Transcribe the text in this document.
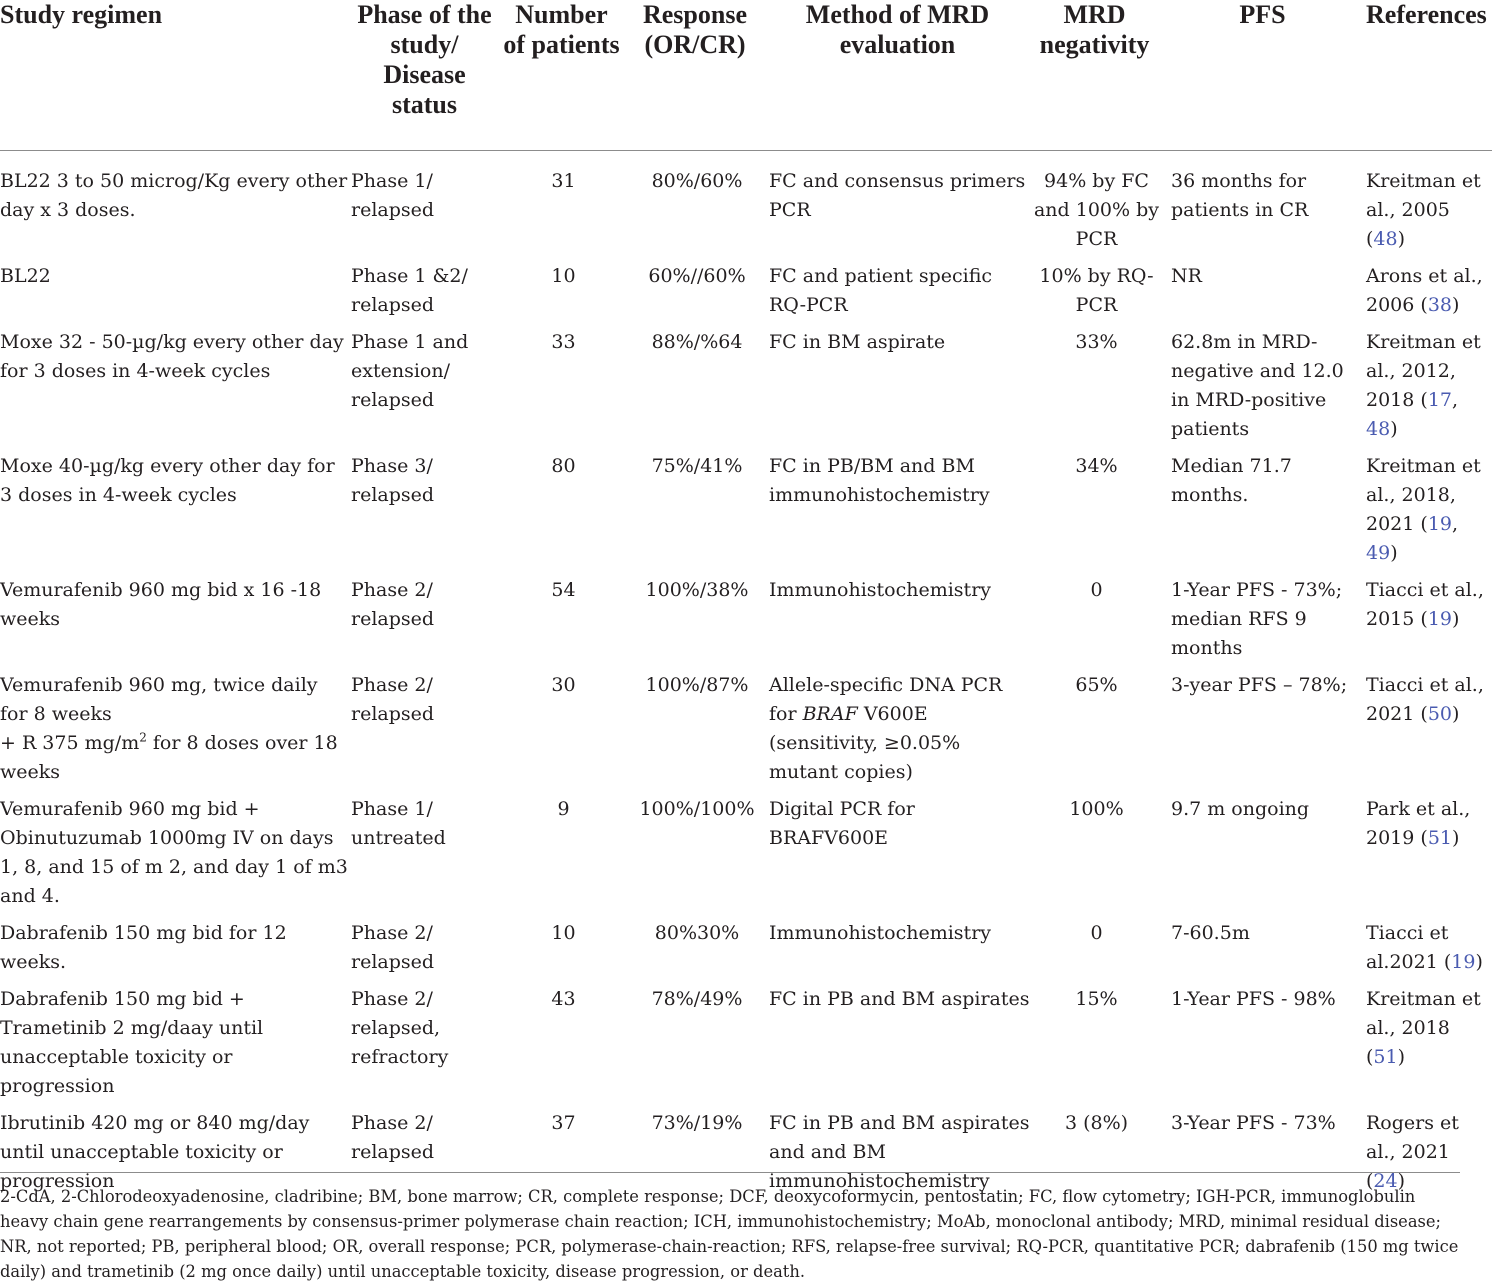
Study regimen	Phase of the study/ Disease status	Number of patients	Response (OR/CR)	Method of MRD evaluation	MRD negativity	PFS	References
BL22 3 to 50 microg/Kg every other day x 3 doses.	Phase 1/ relapsed	31	80%/60%	FC and consensus primers PCR	94% by FC and 100% by PCR	36 months for patients in CR	Kreitman et al., 2005 (48)
BL22	Phase 1 &2/ relapsed	10	60%//60%	FC and patient specific RQ-PCR	10% by RQ-PCR	NR	Arons et al., 2006 (38)
Moxe 32 - 50-µg/kg every other day for 3 doses in 4-week cycles	Phase 1 and extension/ relapsed	33	88%/%64	FC in BM aspirate	33%	62.8m in MRD-negative and 12.0 in MRD-positive patients	Kreitman et al., 2012, 2018 (17, 48)
Moxe 40-µg/kg every other day for 3 doses in 4-week cycles	Phase 3/ relapsed	80	75%/41%	FC in PB/BM and BM immunohistochemistry	34%	Median 71.7 months.	Kreitman et al., 2018, 2021 (19, 49)
Vemurafenib 960 mg bid x 16 -18 weeks	Phase 2/ relapsed	54	100%/38%	Immunohistochemistry	0	1-Year PFS - 73%; median RFS 9 months	Tiacci et al., 2015 (19)
Vemurafenib 960 mg, twice daily for 8 weeks
+ R 375 $mg/m^2$ for 8 doses over 18 weeks	Phase 2/ relapsed	30	100%/87%	Allele-specific DNA PCR for BRAF V600E (sensitivity, ≥0.05% mutant copies)	65%	3-year PFS – 78%;	Tiacci et al., 2021 (50)
Vemurafenib 960 mg bid + Obinutuzumab 1000mg IV on days 1, 8, and 15 of m 2, and day 1 of m3 and 4.	Phase 1/ untreated	9	100%/100%	Digital PCR for BRAFV600E	100%	9.7 m ongoing	Park et al., 2019 (51)
Dabrafenib 150 mg bid for 12 weeks.	Phase 2/ relapsed	10	80%30%	Immunohistochemistry	0	7-60.5m	Tiacci et al.2021 (19)
Dabrafenib 150 mg bid + Trametinib 2 mg/daay until unacceptable toxicity or progression	Phase 2/ relapsed, refractory	43	78%/49%	FC in PB and BM aspirates	15%	1-Year PFS - 98%	Kreitman et al., 2018 (51)
Ibrutinib 420 mg or 840 mg/day until unacceptable toxicity or progression	Phase 2/ relapsed	37	73%/19%	FC in PB and BM aspirates and and BM immunohistochemistry	3 (8%)	3-Year PFS - 73%	Rogers et al., 2021 (24)
2-CdA, 2-Chlorodeoxyadenosine, cladribine; BM, bone marrow; CR, complete response; DCF, deoxycoformycin, pentostatin; FC, flow cytometry; IGH-PCR, immunoglobulin heavy chain gene rearrangements by consensus-primer polymerase chain reaction; ICH, immunohistochemistry; MoAb, monoclonal antibody; MRD, minimal residual disease; NR, not reported; PB, peripheral blood; OR, overall response; PCR, polymerase-chain-reaction; RFS, relapse-free survival; RQ-PCR, quantitative PCR; dabrafenib (150 mg twice daily) and trametinib (2 mg once daily) until unacceptable toxicity, disease progression, or death.
